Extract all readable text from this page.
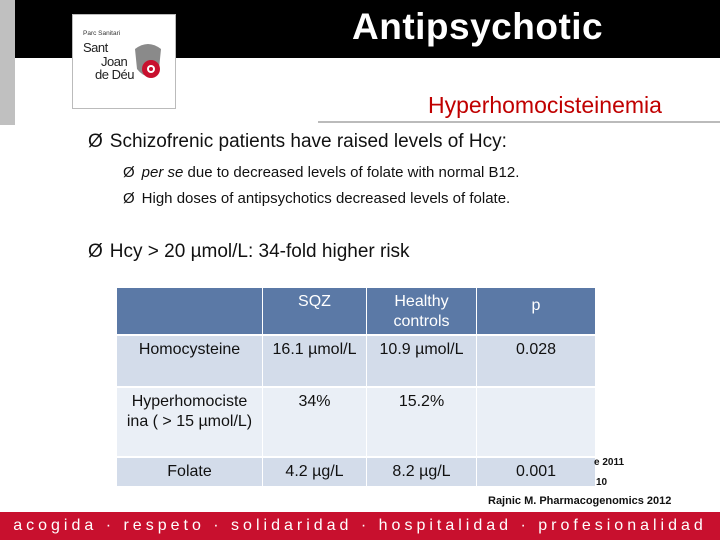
Antipsychotic
Parc Sanitari
Sant
Joan
de Déu
Hyperhomocisteinemia
Ø Schizofrenic patients have raised levels of Hcy:
Ø per se due to decreased levels of folate with normal B12.
Ø High doses of antipsychotics decreased levels of folate.
Ø Hcy > 20 µmol/L: 34-fold higher risk
	SQZ	Healthy controls	p
Homocysteine	16.1 µmol/L	10.9 µmol/L	0.028
Hyperhomociste ina ( > 15 µmol/L)	34%	15.2%	
Folate	4.2 µg/L	8.2 µg/L	0.001
e 2011
10
Rajnic M. Pharmacogenomics 2012
acogida · respeto · solidaridad · hospitalidad · profesionalidad
